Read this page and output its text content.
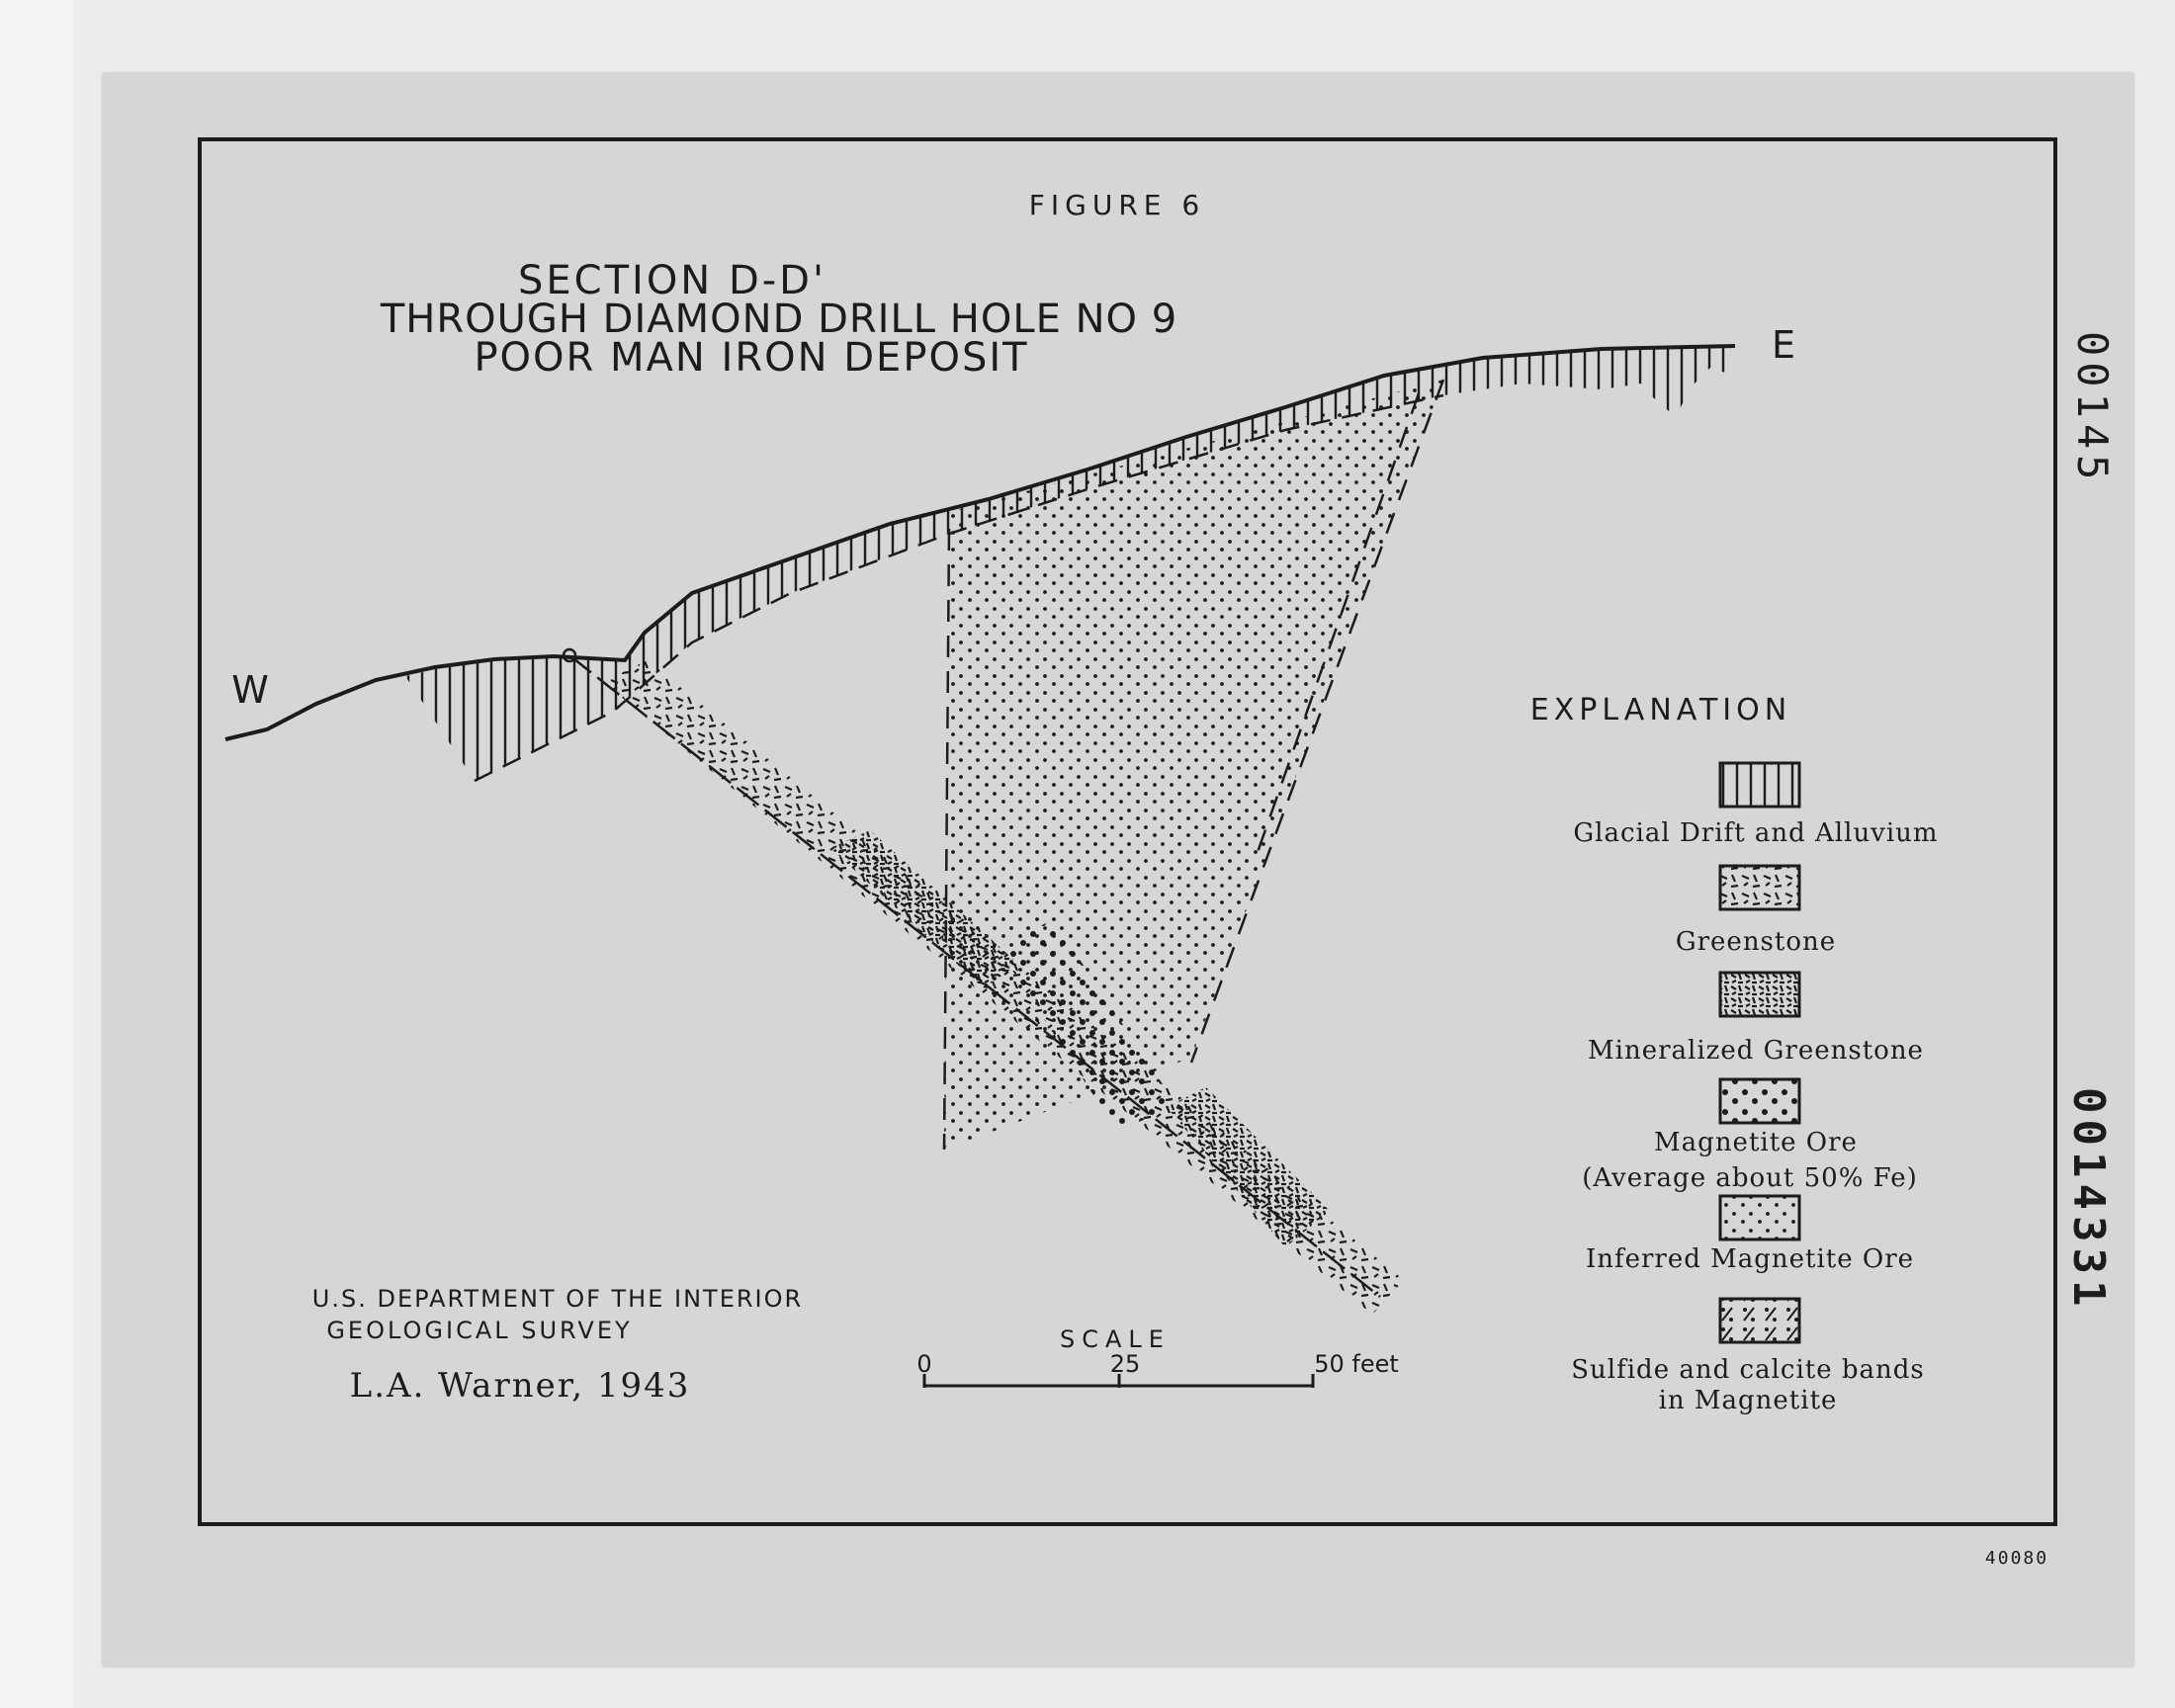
FIGURE 6
SECTION D-D'
THROUGH DIAMOND DRILL HOLE NO 9
POOR MAN IRON DEPOSIT
W
E
EXPLANATION
Glacial Drift and Alluvium
Greenstone
Mineralized Greenstone
Magnetite Ore
(Average about 50% Fe)
Inferred Magnetite Ore
Sulfide and calcite bands
in Magnetite
U.S. DEPARTMENT OF THE INTERIOR
GEOLOGICAL SURVEY
L.A. Warner, 1943
SCALE
0	25	50 feet
00145
0014331
40080
